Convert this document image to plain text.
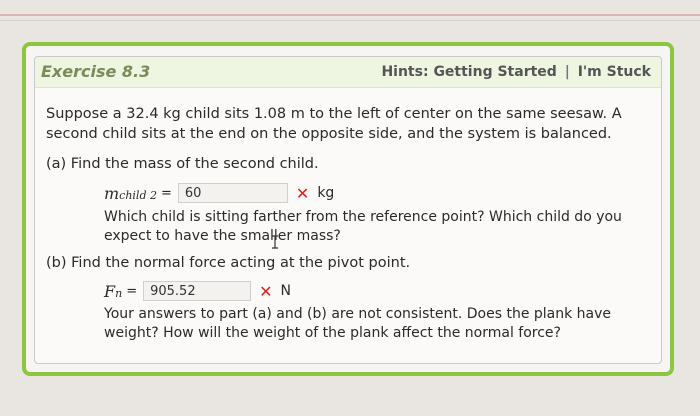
Exercise 8.3	Hints: Getting Started | I'm Stuck
Suppose a 32.4 kg child sits 1.08 m to the left of center on the same seesaw. A second child sits at the end on the opposite side, and the system is balanced.
(a) Find the mass of the second child.
mchild 2 =
60	✕ kg
Which child is sitting farther from the reference point? Which child do you expect to have the smaller mass?
(b) Find the normal force acting at the pivot point.
Fn =
905.52	✕ N
Your answers to part (a) and (b) are not consistent. Does the plank have weight? How will the weight of the plank affect the normal force?
